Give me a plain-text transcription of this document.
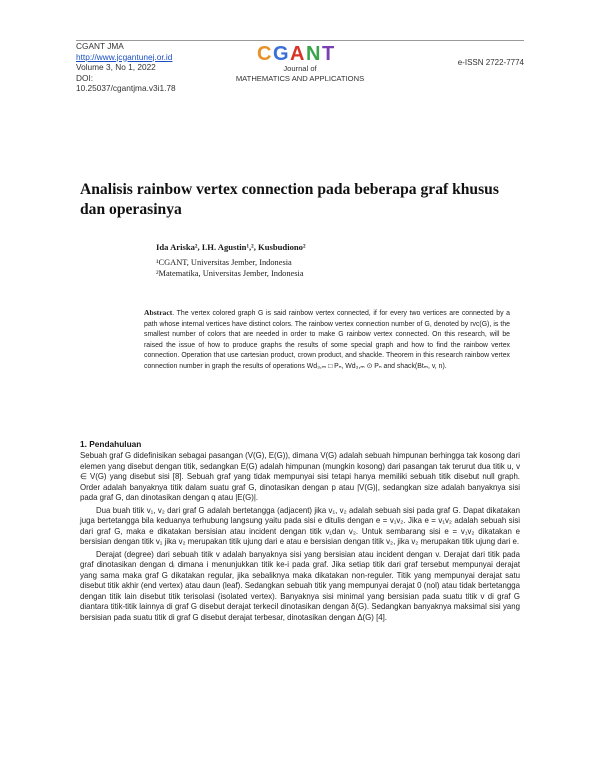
CGANT JMA
http://www.jcgantunej.or.id
Volume 3, No 1, 2022
DOI:
10.25037/cgantjma.v3i1.78
C G A N T
Journal of
MATHEMATICS AND APPLICATIONS
e-ISSN 2722-7774
Analisis rainbow vertex connection pada beberapa graf khusus dan operasinya
Ida Ariska², I.H. Agustin¹,², Kusbudiono²
¹CGANT, Universitas Jember, Indonesia
²Matematika, Universitas Jember, Indonesia
Abstract. The vertex colored graph G is said rainbow vertex connected, if for every two vertices are connected by a path whose internal vertices have distinct colors. The rainbow vertex connection number of G, denoted by rvc(G), is the smallest number of colors that are needed in order to make G rainbow vertex connected. On this research, will be raised the issue of how to produce graphs the results of some special graph and how to find the rainbow vertex connection. Operation that use cartesian product, crown product, and shackle. Theorem in this research rainbow vertex connection number in graph the results of operations Wd₃,ₘ □ Pₙ, Wd₃,ₘ ⊙ Pₙ and shack(Btₘ, v, n).
1. Pendahuluan

Sebuah graf G didefinisikan sebagai pasangan (V(G), E(G)), dimana V(G) adalah sebuah himpunan berhingga tak kosong dari elemen yang disebut dengan titik, sedangkan E(G) adalah himpunan (mungkin kosong) dari pasangan tak terurut dua titik u, v ∈ V(G) yang disebut sisi [8]. Sebuah graf yang tidak mempunyai sisi tetapi hanya memiliki sebuah titik disebut null graph. Order adalah banyaknya titik dalam suatu graf G, dinotasikan dengan p atau |V(G)|, sedangkan size adalah banyaknya sisi pada graf G, dan dinotasikan dengan q atau |E(G)|.

Dua buah titik v₁, v₂ dari graf G adalah bertetangga (adjacent) jika v₁, v₂ adalah sebuah sisi pada graf G. Dapat dikatakan juga bertetangga bila keduanya terhubung langsung yaitu pada sisi e ditulis dengan e = v₁v₂. Jika e = v₁v₂ adalah sebuah sisi dari graf G, maka e dikatakan bersisian atau incident dengan titik v₁dan v₂. Untuk sembarang sisi e = v₁v₂ dikatakan e bersisian dengan titik v₁ jika v₂ merupakan titik ujung dari e atau e bersisian dengan titik v₂, jika v₂ merupakan titik ujung dari e.

Derajat (degree) dari sebuah titik v adalah banyaknya sisi yang bersisian atau incident dengan v. Derajat dari titik pada graf dinotasikan dengan dᵢ dimana i menunjukkan titik ke-i pada graf. Jika setiap titik dari graf tersebut mempunyai derajat yang sama maka graf G dikatakan regular, jika sebaliknya maka dikatakan non-reguler. Titik yang mempunyai derajat satu disebut titik akhir (end vertex) atau daun (leaf). Sedangkan sebuah titik yang mempunyai derajat 0 (nol) atau tidak bertetangga dengan titik lain disebut titik terisolasi (isolated vertex). Banyaknya sisi minimal yang bersisian pada suatu titik v di graf G diantara titik-titik lainnya di graf G disebut derajat terkecil dinotasikan dengan δ(G). Sedangkan banyaknya maksimal sisi yang bersisian pada suatu titik di graf G disebut derajat terbesar, dinotasikan dengan Δ(G) [4].
